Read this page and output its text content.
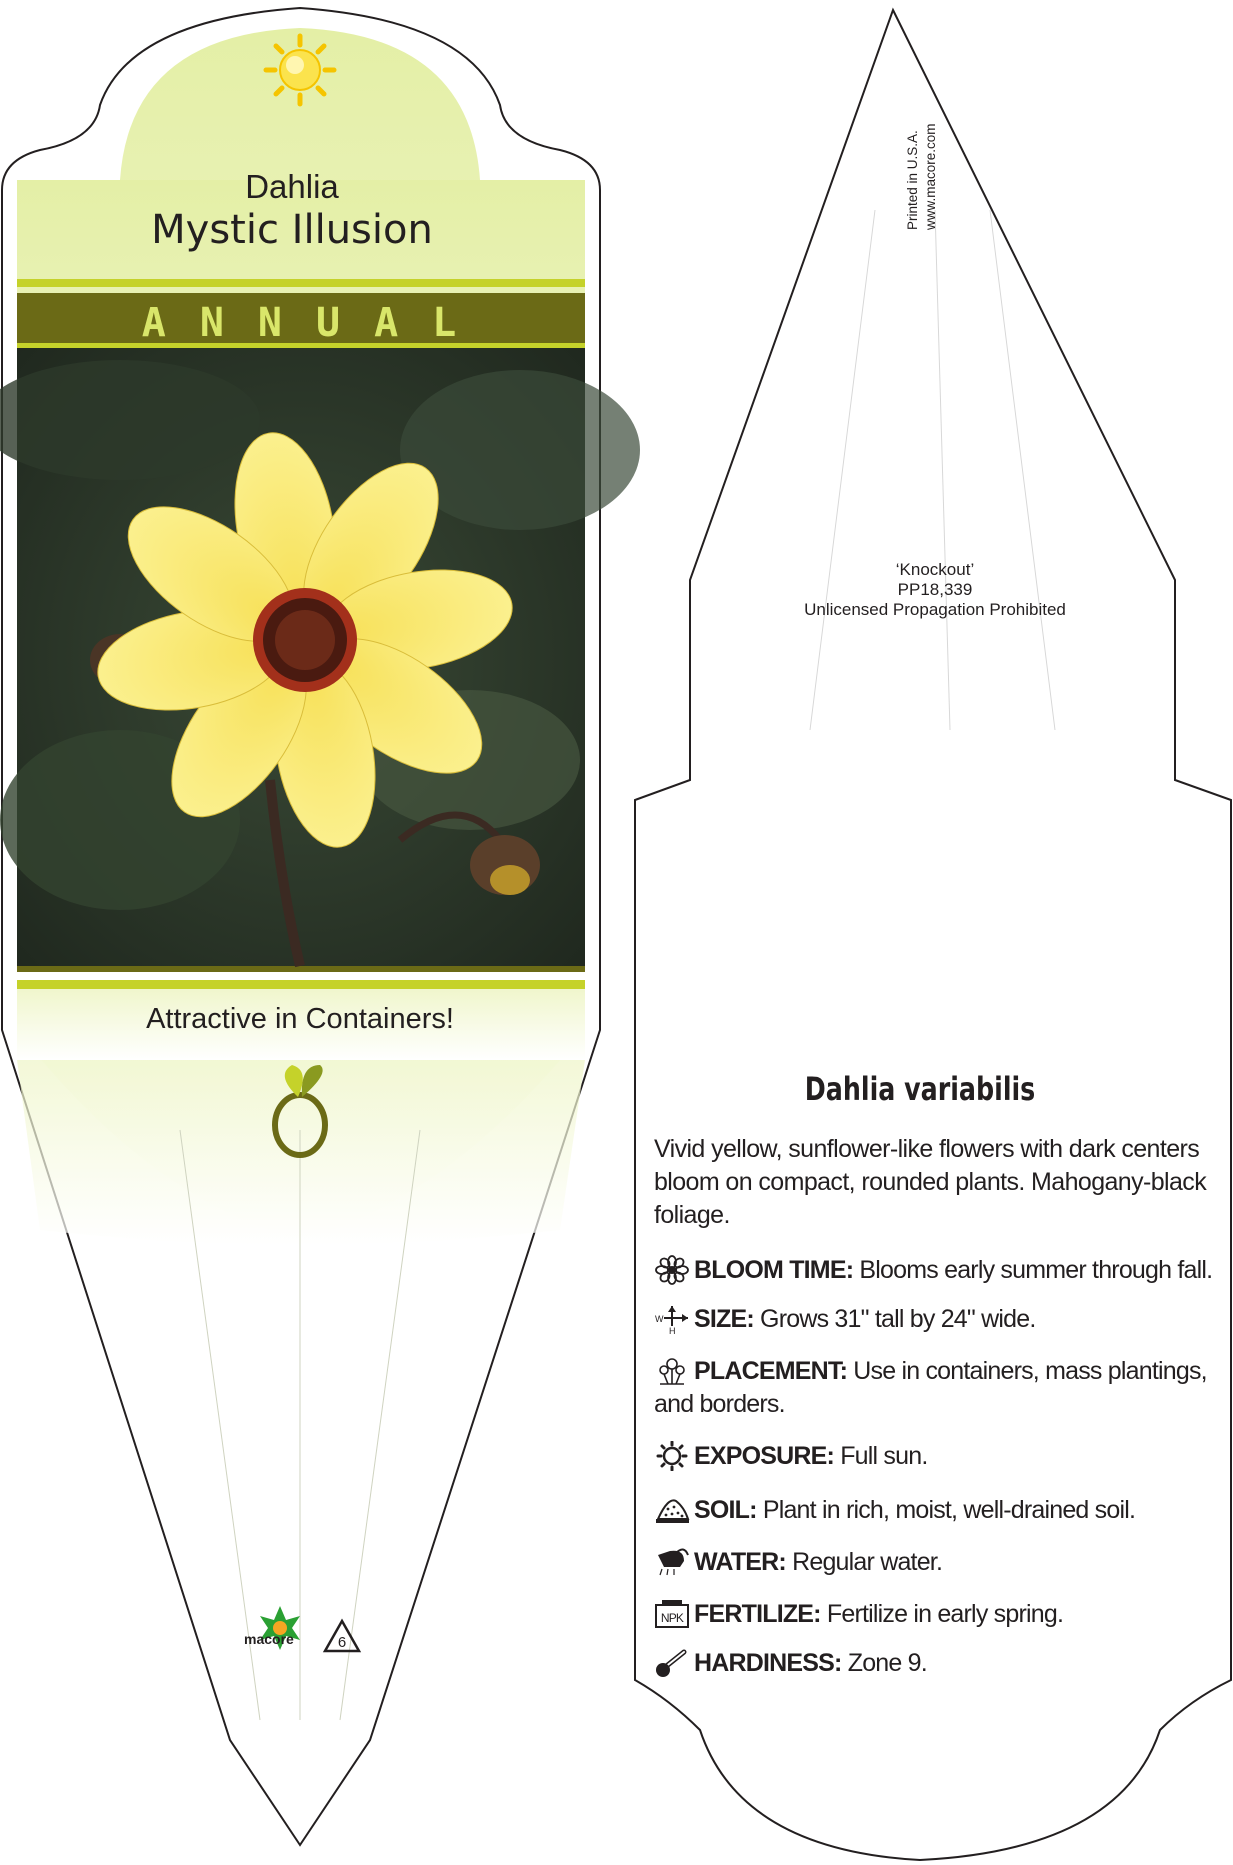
Dahlia
Mystic Illusion
ANNUAL
Attractive in Containers!
macore	6
Printed in U.S.A. www.macore.com
‘Knockout’
PP18,339
Unlicensed Propagation Prohibited
Dahlia variabilis
Vivid yellow, sunflower-like flowers with dark centers bloom on compact, rounded plants. Mahogany-black foliage.
BLOOM TIME: Blooms early summer through fall.
W
H SIZE: Grows 31" tall by 24" wide.
PLACEMENT: Use in containers, mass plantings, and borders.
EXPOSURE: Full sun.
SOIL: Plant in rich, moist, well-drained soil.
WATER: Regular water.
NPK FERTILIZE: Fertilize in early spring.
HARDINESS: Zone 9.
